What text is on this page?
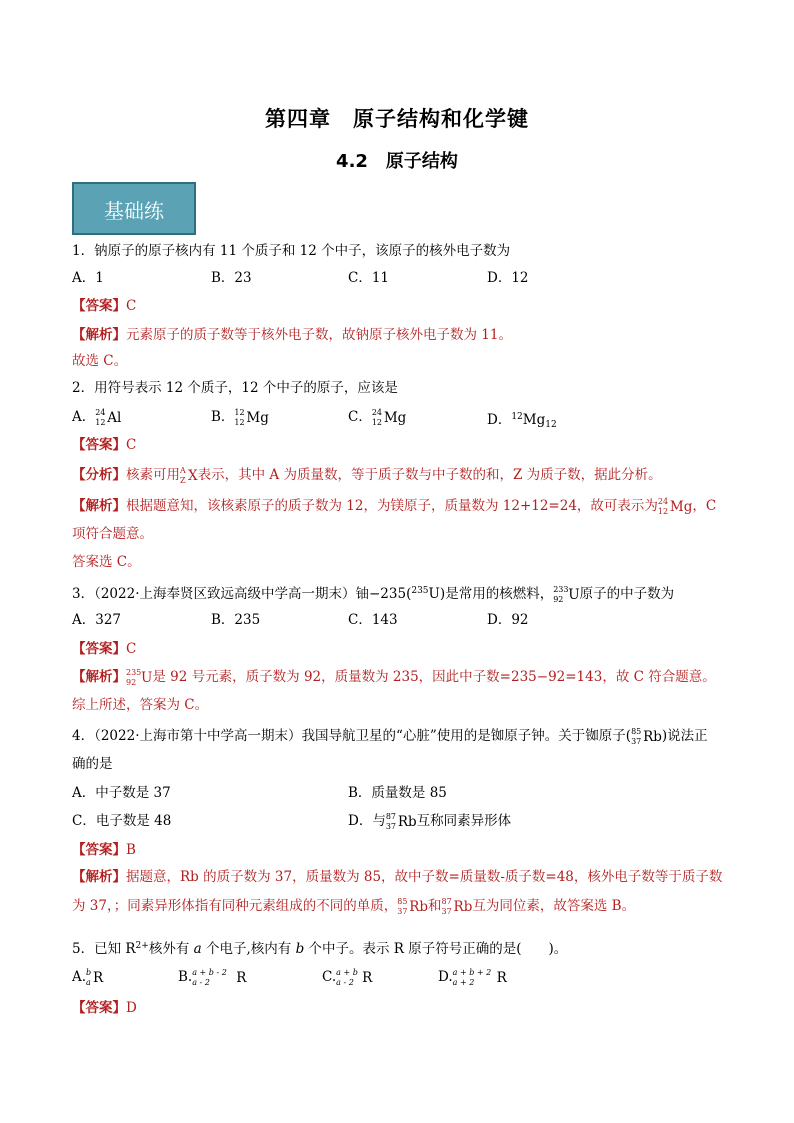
第四章　原子结构和化学键
4.2　原子结构
基础练
1．钠原子的原子核内有 11 个质子和 12 个中子，该原子的核外电子数为
A．1	B．23	C．11	D．12
【答案】C
【解析】元素原子的质子数等于核外电子数，故钠原子核外电子数为 11。
故选 C。
2．用符号表示 12 个质子，12 个中子的原子，应该是
A． 24
12 Al	B． 12
12 Mg	C． 24
12 Mg	D．$^{12}Mg_{12}$
【答案】C
【分析】核素可用 A
Z X表示，其中 A 为质量数，等于质子数与中子数的和，Z 为质子数，据此分析。
【解析】根据题意知，该核素原子的质子数为 12，为镁原子，质量数为 12+12=24，故可表示为 24
12 Mg，C
项符合题意。
答案选 C。
3．（2022·上海奉贤区致远高级中学高一期末）铀−235($^{235}$U)是常用的核燃料， 233
92 U原子的中子数为
A．327	B．235	C．143	D．92
【答案】C
【解析】 235
92 U是 92 号元素，质子数为 92，质量数为 235，因此中子数=235−92=143，故 C 符合题意。
综上所述，答案为 C。
4．（2022·上海市第十中学高一期末）我国导航卫星的“心脏”使用的是铷原子钟。关于铷原子( 85
37 Rb)说法正
确的是
A．中子数是 37	B．质量数是 85
C．电子数是 48	D．与 87
37 Rb互称同素异形体
【答案】B
【解析】据题意，Rb 的质子数为 37，质量数为 85，故中子数=质量数-质子数=48，核外电子数等于质子数
为 37，；同素异形体指有同种元素组成的不同的单质， 85
37 Rb和 87
37 Rb互为同位素，故答案选 B。
5．已知 $R^{2+}$核外有 a 个电子,核内有 b 个中子。表示 R 原子符号正确的是(　　)。
A. b
a R	B. a + b - 2
a - 2 R	C. a + b
a - 2 R	D. a + b + 2
a + 2 R
【答案】D
